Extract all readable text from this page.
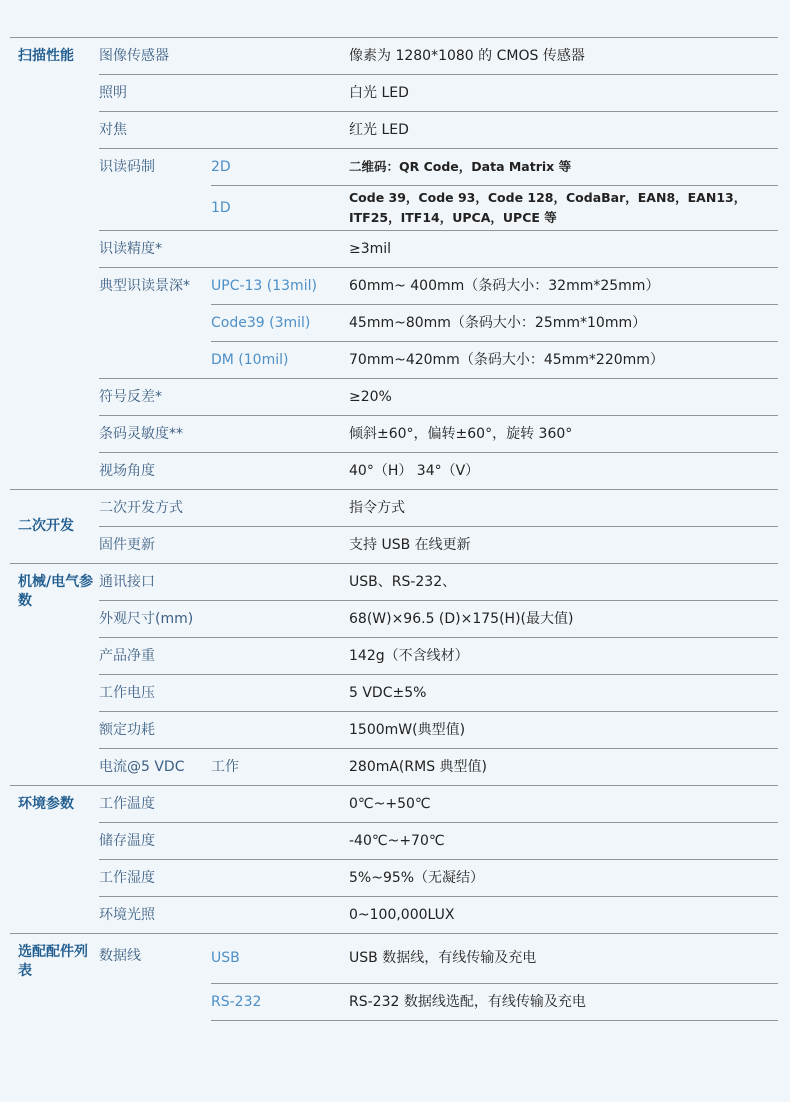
扫描性能	图像传感器		像素为 1280*1080 的 CMOS 传感器
	照明		白光 LED
	对焦		红光 LED
	识读码制	2D	二维码：QR Code，Data Matrix 等
		1D	Code 39，Code 93，Code 128，CodaBar，EAN8，EAN13，ITF25，ITF14，UPCA，UPCE 等
	识读精度*		≥3mil
	典型识读景深*	UPC-13 (13mil)	60mm~ 400mm（条码大小：32mm*25mm）
		Code39 (3mil)	45mm~80mm（条码大小：25mm*10mm）
		DM (10mil)	70mm~420mm（条码大小：45mm*220mm）
	符号反差*		≥20%
	条码灵敏度**		倾斜±60°，偏转±60°，旋转 360°
	视场角度		40°（H） 34°（V）
二次开发	二次开发方式		指令方式
	固件更新		支持 USB 在线更新
机械/电气参数	通讯接口		USB、RS-232、
	外观尺寸(mm)		68(W)×96.5 (D)×175(H)(最大值)
	产品净重		142g（不含线材）
	工作电压		5 VDC±5%
	额定功耗		1500mW(典型值)
	电流@5 VDC	工作	280mA(RMS 典型值)
环境参数	工作温度		0℃~+50℃
	储存温度		-40℃~+70℃
	工作湿度		5%~95%（无凝结）
	环境光照		0~100,000LUX
选配配件列表	数据线	USB	USB 数据线，有线传输及充电
		RS-232	RS-232 数据线选配，有线传输及充电
